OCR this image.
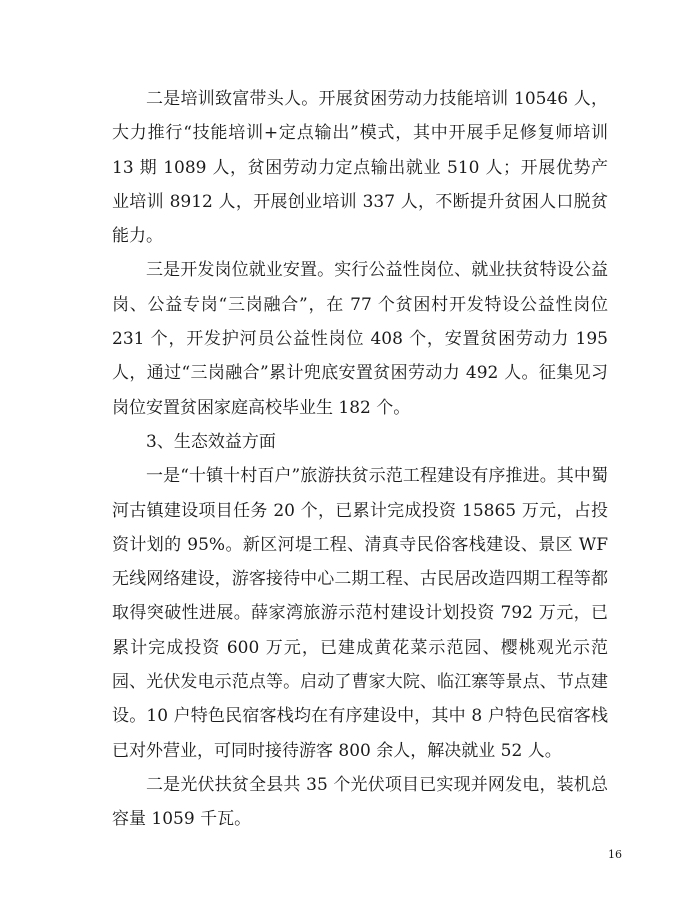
二是培训致富带头人。开展贫困劳动力技能培训 10546 人，大力推行“技能培训+定点输出”模式，其中开展手足修复师培训 13 期 1089 人，贫困劳动力定点输出就业 510 人；开展优势产业培训 8912 人，开展创业培训 337 人，不断提升贫困人口脱贫能力。

三是开发岗位就业安置。实行公益性岗位、就业扶贫特设公益岗、公益专岗“三岗融合”，在 77 个贫困村开发特设公益性岗位 231 个，开发护河员公益性岗位 408 个，安置贫困劳动力 195 人，通过“三岗融合”累计兜底安置贫困劳动力 492 人。征集见习岗位安置贫困家庭高校毕业生 182 个。

3、生态效益方面

一是“十镇十村百户”旅游扶贫示范工程建设有序推进。其中蜀河古镇建设项目任务 20 个，已累计完成投资 15865 万元，占投资计划的 95%。新区河堤工程、清真寺民俗客栈建设、景区 WF 无线网络建设，游客接待中心二期工程、古民居改造四期工程等都取得突破性进展。薛家湾旅游示范村建设计划投资 792 万元，已累计完成投资 600 万元，已建成黄花菜示范园、樱桃观光示范园、光伏发电示范点等。启动了曹家大院、临江寨等景点、节点建设。10 户特色民宿客栈均在有序建设中，其中 8 户特色民宿客栈已对外营业，可同时接待游客 800 余人，解决就业 52 人。

二是光伏扶贫全县共 35 个光伏项目已实现并网发电，装机总容量 1059 千瓦。

16
